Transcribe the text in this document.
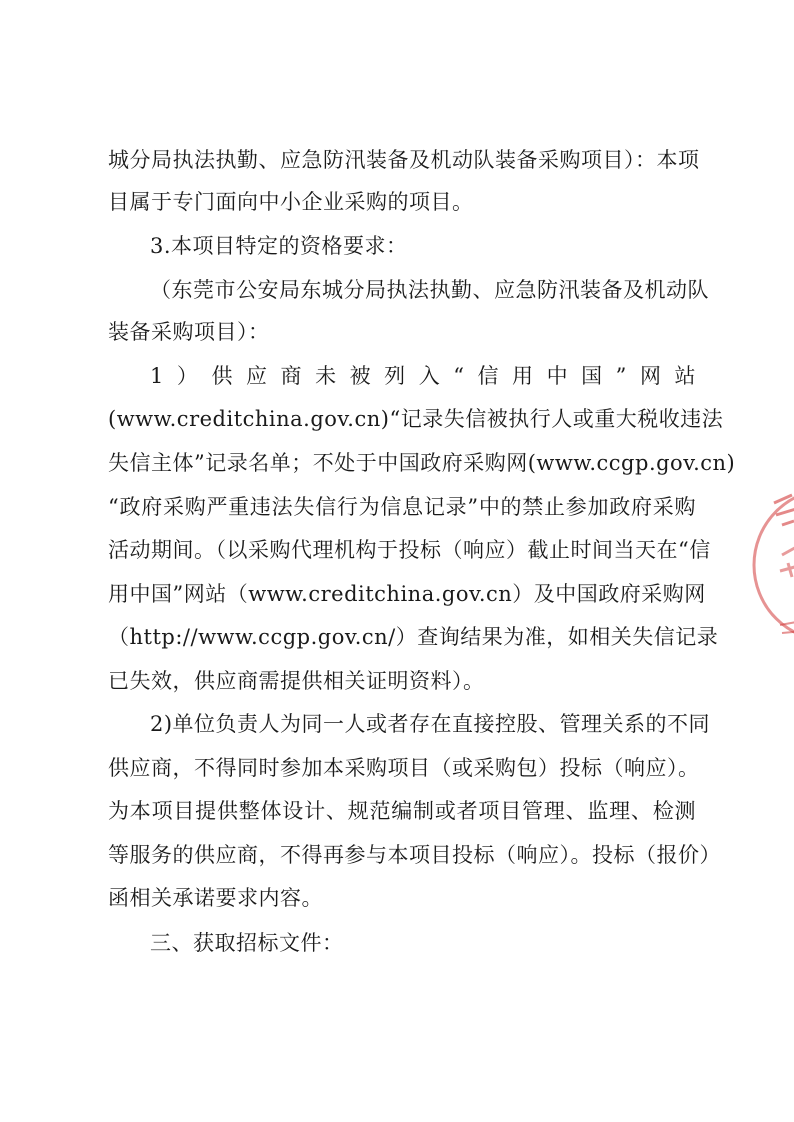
城分局执法执勤、应急防汛装备及机动队装备采购项目）：本项
目属于专门面向中小企业采购的项目。
3.本项目特定的资格要求：
（东莞市公安局东城分局执法执勤、应急防汛装备及机动队
装备采购项目）：
1）供应商未被列入“信用中国”网站
(www.creditchina.gov.cn)“记录失信被执行人或重大税收违法
失信主体”记录名单；不处于中国政府采购网(www.ccgp.gov.cn)
“政府采购严重违法失信行为信息记录”中的禁止参加政府采购
活动期间。（以采购代理机构于投标（响应）截止时间当天在“信
用中国”网站（www.creditchina.gov.cn）及中国政府采购网
（http://www.ccgp.gov.cn/）查询结果为准，如相关失信记录
已失效，供应商需提供相关证明资料）。
2)单位负责人为同一人或者存在直接控股、管理关系的不同
供应商，不得同时参加本采购项目（或采购包）投标（响应）。
为本项目提供整体设计、规范编制或者项目管理、监理、检测
等服务的供应商，不得再参与本项目投标（响应）。投标（报价）
函相关承诺要求内容。
三、获取招标文件：
